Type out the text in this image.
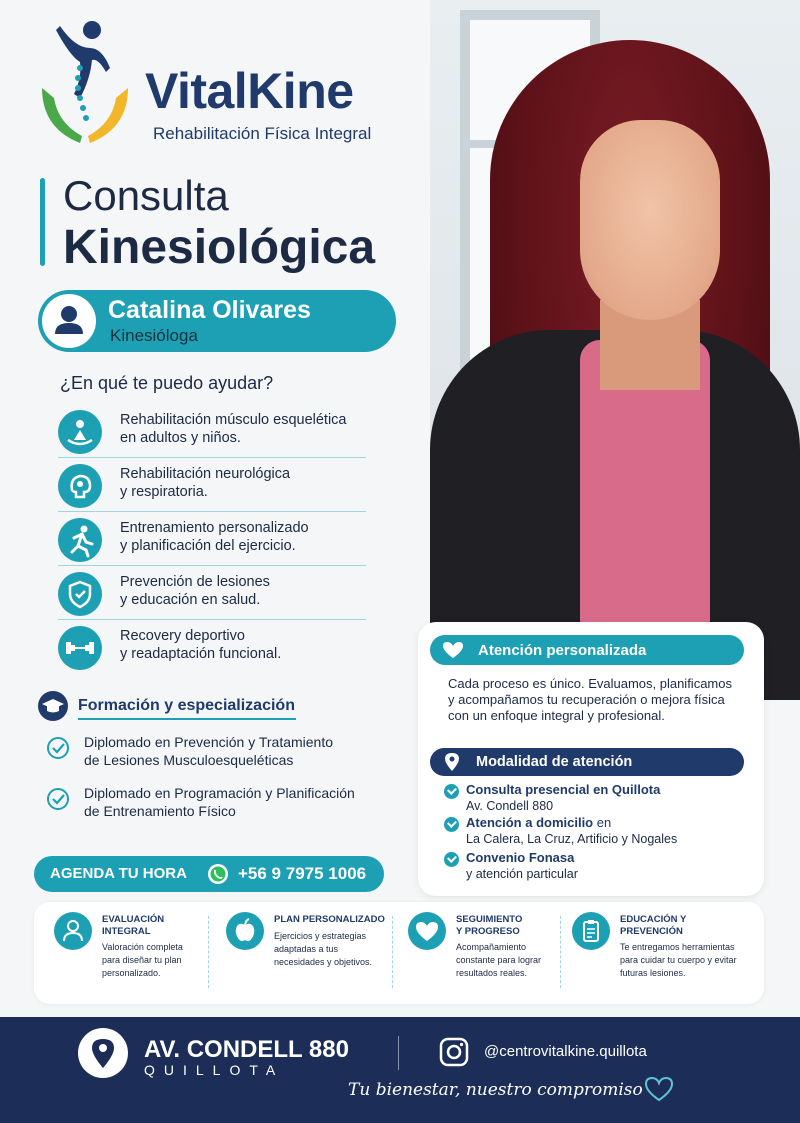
VitalKine
Rehabilitación Física Integral
Consulta
Kinesiológica
Catalina Olivares
Kinesióloga
¿En qué te puedo ayudar?
Rehabilitación músculo esquelética
en adultos y niños.
Rehabilitación neurológica
y respiratoria.
Entrenamiento personalizado
y planificación del ejercicio.
Prevención de lesiones
y educación en salud.
Recovery deportivo
y readaptación funcional.
Formación y especialización
Diplomado en Prevención y Tratamiento
de Lesiones Musculoesqueléticas
Diplomado en Programación y Planificación
de Entrenamiento Físico
AGENDA TU HORA	+56 9 7975 1006
Atención personalizada
Cada proceso es único. Evaluamos, planificamos y acompañamos tu recuperación o mejora física con un enfoque integral y profesional.
Modalidad de atención
Consulta presencial en Quillota
Av. Condell 880
Atención a domicilio en
La Calera, La Cruz, Artificio y Nogales
Convenio Fonasa
y atención particular
EVALUACIÓN
INTEGRAL
Valoración completa para diseñar tu plan personalizado.
PLAN PERSONALIZADO
Ejercicios y estrategias adaptadas a tus necesidades y objetivos.
SEGUIMIENTO
Y PROGRESO
Acompañamiento constante para lograr resultados reales.
EDUCACIÓN Y
PREVENCIÓN
Te entregamos herramientas para cuidar tu cuerpo y evitar futuras lesiones.
AV. CONDELL 880
QUILLOTA
@centrovitalkine.quillota
Tu bienestar, nuestro compromiso
